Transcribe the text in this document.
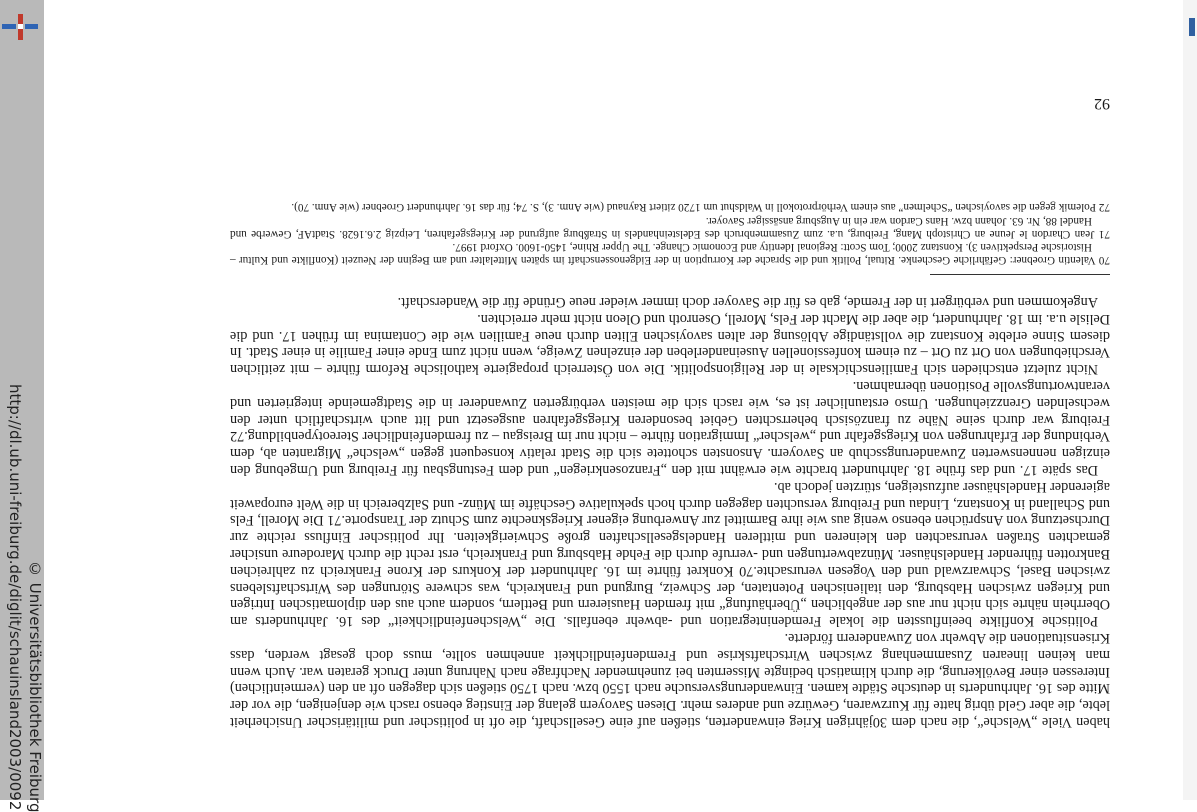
http://dl.ub.uni-freiburg.de/diglit/schauinsland2003/0092 © Universitätsbibliothek Freiburg	haben Viele „Welsche“, die nach dem 30jährigen Krieg einwanderten, stießen auf eine Gesellschaft, die oft in politischer und militärischer Unsicherheit lebte, die aber Geld übrig hatte für Kurzwaren, Gewürze und anderes mehr. Diesen Savoyern gelang der Einstieg ebenso rasch wie denjenigen, die vor der Mitte des 16. Jahrhunderts in deutsche Städte kamen. Einwanderungsversuche nach 1550 bzw. nach 1750 stießen sich dagegen oft an den (vermeintlichen) Interessen einer Bevölkerung, die durch klimatisch bedingte Missernten bei zunehmender Nachfrage nach Nahrung unter Druck geraten war. Auch wenn man keinen linearen Zusammenhang zwischen Wirtschaftskrise und Fremdenfeindlichkeit annehmen sollte, muss doch gesagt werden, dass Krisensituationen die Abwehr von Zuwanderern förderte.

Politische Konflikte beeinflussten die lokale Fremdenintegration und -abwehr ebenfalls. Die „Welschenfeindlichkeit“ des 16. Jahrhunderts am Oberrhein nährte sich nicht nur aus der angeblichen „Überhäufung“ mit fremden Hausierern und Bettlern, sondern auch aus den diplomatischen Intrigen und Kriegen zwischen Habsburg, den italienischen Potentaten, der Schweiz, Burgund und Frankreich, was schwere Störungen des Wirtschaftslebens zwischen Basel, Schwarzwald und den Vogesen verursachte.70 Konkret führte im 16. Jahrhundert der Konkurs der Krone Frankreich zu zahlreichen Bankrotten führender Handelshäuser. Münzabwertungen und -verrufe durch die Fehde Habsburg und Frankreich, erst recht die durch Marodeure unsicher gemachten Straßen verursachten den kleineren und mittleren Handelsgesellschaften große Schwierigkeiten. Ihr politischer Einfluss reichte zur Durchsetzung von Ansprüchen ebenso wenig aus wie ihre Barmittel zur Anwerbung eigener Kriegsknechte zum Schutz der Transporte.71 Die Morell, Fels und Schalland in Konstanz, Lindau und Freiburg versuchten dagegen durch hoch spekulative Geschäfte im Münz- und Salzbereich in die Welt europaweit agierender Handelshäuser aufzusteigen, stürzten jedoch ab.

Das späte 17. und das frühe 18. Jahrhundert brachte wie erwähnt mit den „Franzosenkriegen“ und dem Festungsbau für Freiburg und Umgebung den einzigen nennenswerten Zuwanderungsschub an Savoyern. Ansonsten schottete sich die Stadt relativ konsequent gegen „welsche“ Migranten ab, dem Verbindung der Erfahrungen von Kriegsgefahr und „welscher“ Immigration führte – nicht nur im Breisgau – zu fremdenfeindlicher Stereotypenbildung.72 Freiburg war durch seine Nähe zu französisch beherrschten Gebiet besonderen Kriegsgefahren ausgesetzt und litt auch wirtschaftlich unter den wechselnden Grenzziehungen. Umso erstaunlicher ist es, wie rasch sich die meisten verbürgerten Zuwanderer in die Stadtgemeinde integrierten und verantwortungsvolle Positionen übernahmen.

Nicht zuletzt entschieden sich Familienschicksale in der Religionspolitik. Die von Österreich propagierte katholische Reform führte – mit zeitlichen Verschiebungen von Ort zu Ort – zu einem konfessionellen Auseinanderleben der einzelnen Zweige, wenn nicht zum Ende einer Familie in einer Stadt. In diesem Sinne erlebte Konstanz die vollständige Ablösung der alten savoyischen Eliten durch neue Familien wie die Contamina im frühen 17. und die Delisle u.a. im 18. Jahrhundert, die aber die Macht der Fels, Morell, Osenroth und Oleon nicht mehr erreichten.

Angekommen und verbürgert in der Fremde, gab es für die Savoyer doch immer wieder neue Gründe für die Wanderschaft.

70 Valentin Groebner: Gefährliche Geschenke. Ritual, Politik und die Sprache der Korruption in der Eidgenossenschaft im späten Mittelalter und am Beginn der Neuzeit (Konflikte und Kultur – Historische Perspektiven 3). Konstanz 2000; Tom Scott: Regional Identity and Economic Change. The Upper Rhine, 1450-1600. Oxford 1997.

71 Jean Chardon le Jeune an Christoph Mang, Freiburg, u.a. zum Zusammenbruch des Edelsteinhandels in Straßburg aufgrund der Kriegsgefahren, Leipzig 2.6.1628. StadtAF, Gewerbe und Handel 88, Nr. 63. Johann bzw. Hans Cardon war ein in Augsburg ansässiger Savoyer.

72 Polemik gegen die savoyischen “Schelmen” aus einem Verhörprotokoll in Waldshut um 1720 zitiert Raynaud (wie Anm. 3), S. 74; für das 16. Jahrhundert Groebner (wie Anm. 70).

92
